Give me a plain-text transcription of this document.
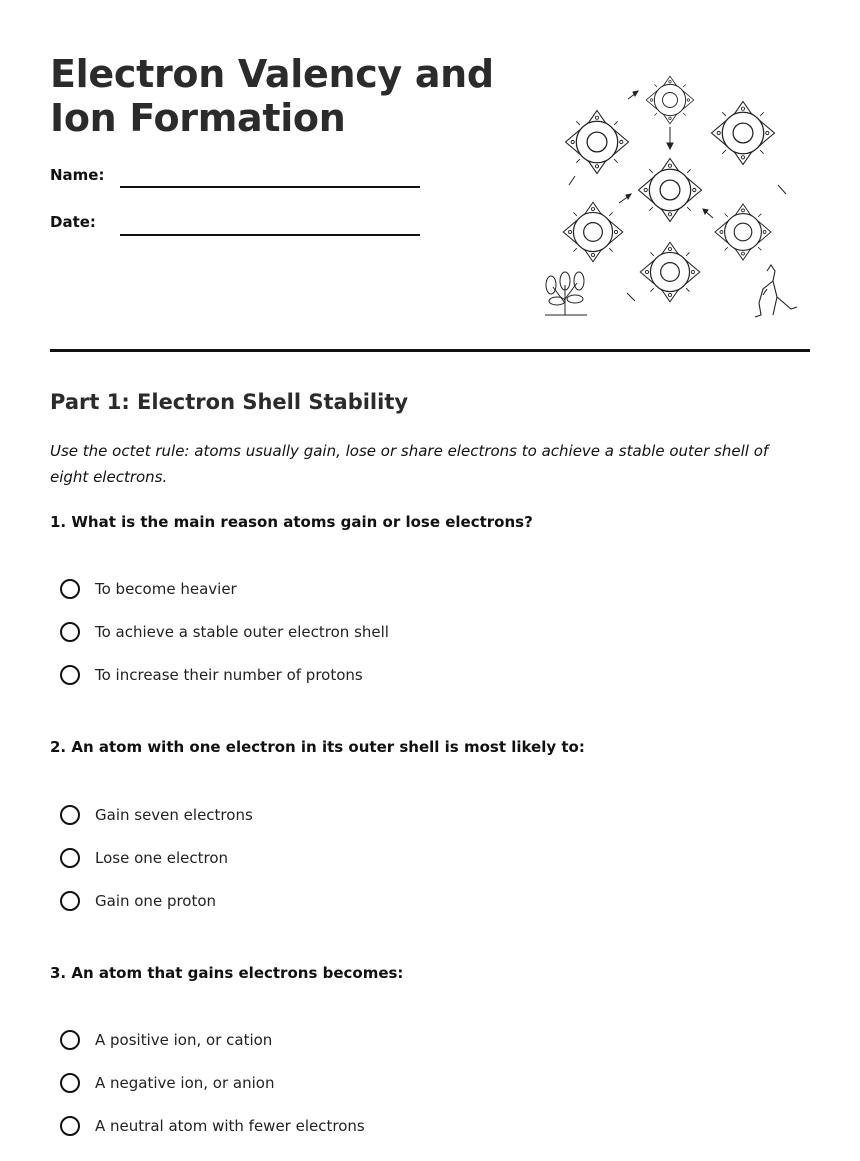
Electron Valency and
Ion Formation
Name:
Date:
Part 1: Electron Shell Stability

Use the octet rule: atoms usually gain, lose or share electrons to achieve a stable outer shell of eight electrons.

1. What is the main reason atoms gain or lose electrons?

To become heavier
To achieve a stable outer electron shell
To increase their number of protons

2. An atom with one electron in its outer shell is most likely to:

Gain seven electrons
Lose one electron
Gain one proton

3. An atom that gains electrons becomes:

A positive ion, or cation
A negative ion, or anion
A neutral atom with fewer electrons
